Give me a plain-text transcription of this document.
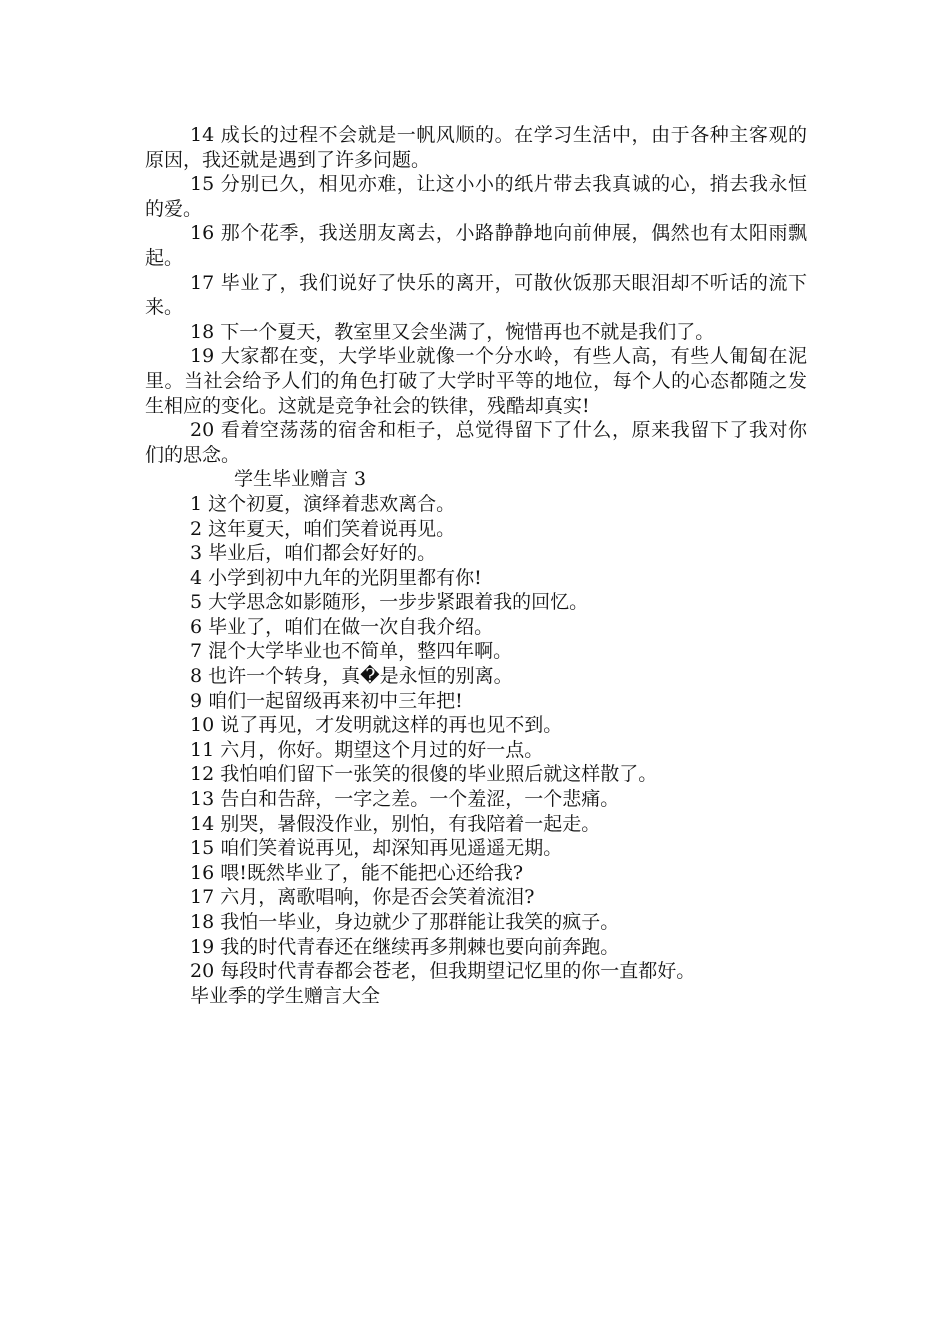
14 成长的过程不会就是一帆风顺的。在学习生活中，由于各种主客观的原因，我还就是遇到了许多问题。

15 分别已久，相见亦难，让这小小的纸片带去我真诚的心，捎去我永恒的爱。

16 那个花季，我送朋友离去，小路静静地向前伸展，偶然也有太阳雨飘起。

17 毕业了，我们说好了快乐的离开，可散伙饭那天眼泪却不听话的流下来。

18 下一个夏天，教室里又会坐满了，惋惜再也不就是我们了。

19 大家都在变，大学毕业就像一个分水岭，有些人高，有些人匍匐在泥里。当社会给予人们的角色打破了大学时平等的地位，每个人的心态都随之发生相应的变化。这就是竞争社会的铁律，残酷却真实!

20 看着空荡荡的宿舍和柜子，总觉得留下了什么，原来我留下了我对你们的思念。

学生毕业赠言 3

1 这个初夏，演绎着悲欢离合。

2 这年夏天，咱们笑着说再见。

3 毕业后，咱们都会好好的。

4 小学到初中九年的光阴里都有你!

5 大学思念如影随形，一步步紧跟着我的回忆。

6 毕业了，咱们在做一次自我介绍。

7 混个大学毕业也不简单，整四年啊。

8 也许一个转身，真�是永恒的别离。

9 咱们一起留级再来初中三年把!

10 说了再见，才发明就这样的再也见不到。

11 六月，你好。期望这个月过的好一点。

12 我怕咱们留下一张笑的很傻的毕业照后就这样散了。

13 告白和告辞，一字之差。一个羞涩，一个悲痛。

14 别哭，暑假没作业，别怕，有我陪着一起走。

15 咱们笑着说再见，却深知再见遥遥无期。

16 喂!既然毕业了，能不能把心还给我?

17 六月，离歌唱响，你是否会笑着流泪?

18 我怕一毕业，身边就少了那群能让我笑的疯子。

19 我的时代青春还在继续再多荆棘也要向前奔跑。

20 每段时代青春都会苍老，但我期望记忆里的你一直都好。

毕业季的学生赠言大全
